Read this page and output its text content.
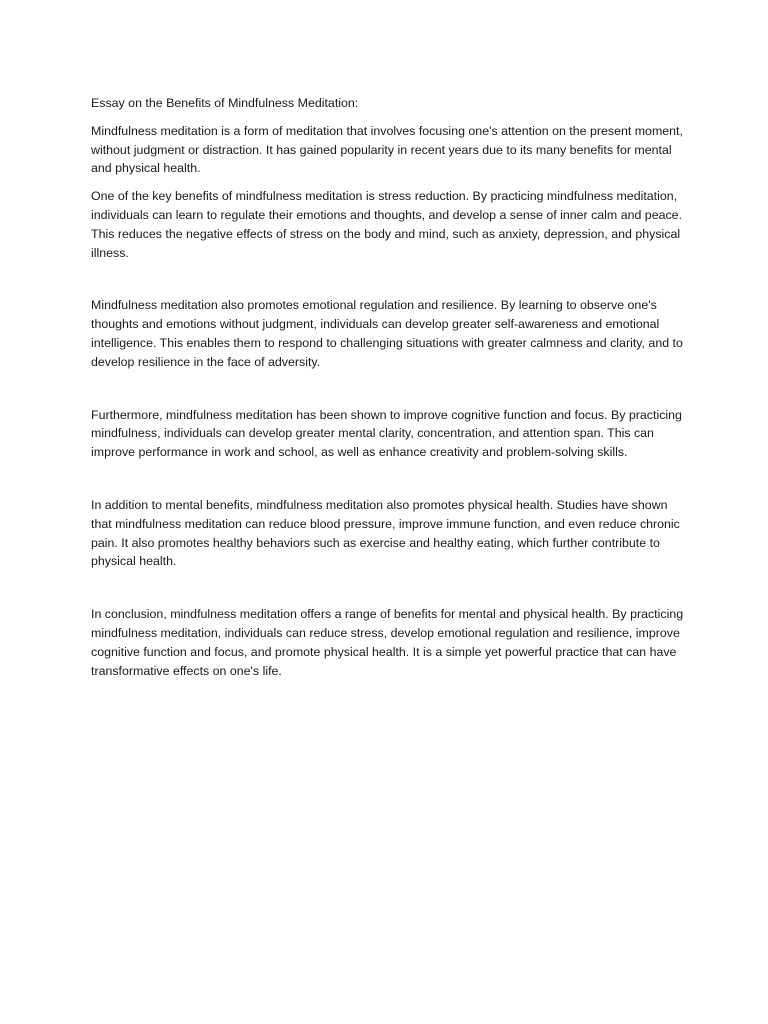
Essay on the Benefits of Mindfulness Meditation:

Mindfulness meditation is a form of meditation that involves focusing one's attention on the present moment, without judgment or distraction. It has gained popularity in recent years due to its many benefits for mental and physical health.

One of the key benefits of mindfulness meditation is stress reduction. By practicing mindfulness meditation, individuals can learn to regulate their emotions and thoughts, and develop a sense of inner calm and peace. This reduces the negative effects of stress on the body and mind, such as anxiety, depression, and physical illness.

Mindfulness meditation also promotes emotional regulation and resilience. By learning to observe one's thoughts and emotions without judgment, individuals can develop greater self-awareness and emotional intelligence. This enables them to respond to challenging situations with greater calmness and clarity, and to develop resilience in the face of adversity.

Furthermore, mindfulness meditation has been shown to improve cognitive function and focus. By practicing mindfulness, individuals can develop greater mental clarity, concentration, and attention span. This can improve performance in work and school, as well as enhance creativity and problem-solving skills.

In addition to mental benefits, mindfulness meditation also promotes physical health. Studies have shown that mindfulness meditation can reduce blood pressure, improve immune function, and even reduce chronic pain. It also promotes healthy behaviors such as exercise and healthy eating, which further contribute to physical health.

In conclusion, mindfulness meditation offers a range of benefits for mental and physical health. By practicing mindfulness meditation, individuals can reduce stress, develop emotional regulation and resilience, improve cognitive function and focus, and promote physical health. It is a simple yet powerful practice that can have transformative effects on one's life.
